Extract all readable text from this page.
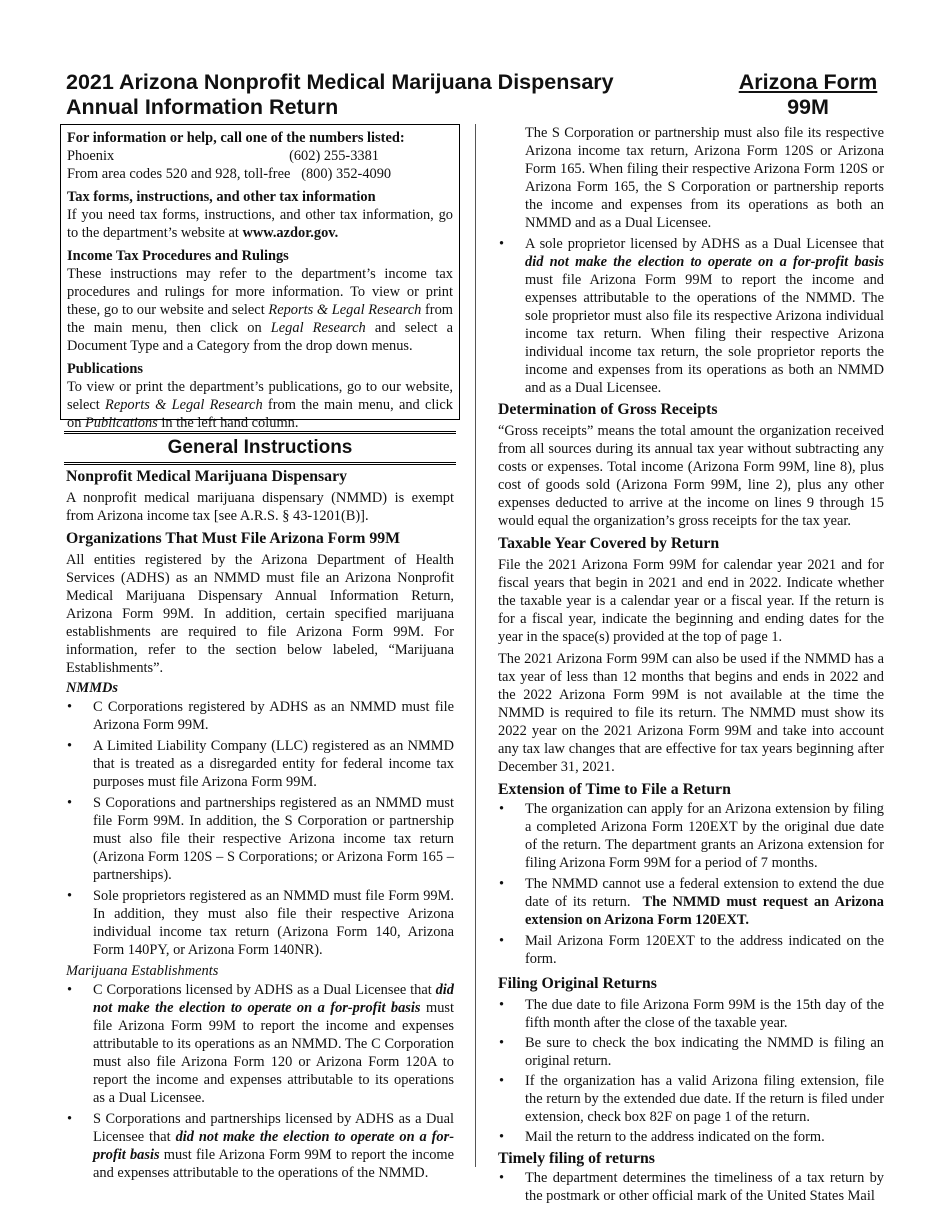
2021 Arizona Nonprofit Medical Marijuana Dispensary
Annual Information Return
Arizona Form
99M

For information or help, call one of the numbers listed:

Phoenix	(602) 255-3381

From area codes 520 and 928, toll-free (800) 352-4090

Tax forms, instructions, and other tax information

If you need tax forms, instructions, and other tax information, go to the department’s website at www.azdor.gov.

Income Tax Procedures and Rulings

These instructions may refer to the department’s income tax procedures and rulings for more information. To view or print these, go to our website and select Reports & Legal Research from the main menu, then click on Legal Research and select a Document Type and a Category from the drop down menus.

Publications

To view or print the department’s publications, go to our website, select Reports & Legal Research from the main menu, and click on Publications in the left hand column.

General Instructions
Nonprofit Medical Marijuana Dispensary

A nonprofit medical marijuana dispensary (NMMD) is exempt from Arizona income tax [see A.R.S. § 43-1201(B)].

Organizations That Must File Arizona Form 99M

All entities registered by the Arizona Department of Health Services (ADHS) as an NMMD must file an Arizona Nonprofit Medical Marijuana Dispensary Annual Information Return, Arizona Form 99M. In addition, certain specified marijuana establishments are required to file Arizona Form 99M. For information, refer to the section below labeled, “Marijuana Establishments”.

NMMDs
• C Corporations registered by ADHS as an NMMD must file Arizona Form 99M.
• A Limited Liability Company (LLC) registered as an NMMD that is treated as a disregarded entity for federal income tax purposes must file Arizona Form 99M.
• S Coporations and partnerships registered as an NMMD must file Form 99M. In addition, the S Corporation or partnership must also file their respective Arizona income tax return (Arizona Form 120S – S Corporations; or Arizona Form 165 – partnerships).
• Sole proprietors registered as an NMMD must file Form 99M. In addition, they must also file their respective Arizona individual income tax return (Arizona Form 140, Arizona Form 140PY, or Arizona Form 140NR).
Marijuana Establishments
• C Corporations licensed by ADHS as a Dual Licensee that did not make the election to operate on a for-profit basis must file Arizona Form 99M to report the income and expenses attributable to its operations as an NMMD. The C Corporation must also file Arizona Form 120 or Arizona Form 120A to report the income and expenses attributable to its operations as a Dual Licensee.
• S Corporations and partnerships licensed by ADHS as a Dual Licensee that did not make the election to operate on a for-profit basis must file Arizona Form 99M to report the income and expenses attributable to the operations of the NMMD.
The S Corporation or partnership must also file its respective Arizona income tax return, Arizona Form 120S or Arizona Form 165. When filing their respective Arizona Form 120S or Arizona Form 165, the S Corporation or partnership reports the income and expenses from its operations as both an NMMD and as a Dual Licensee.
• A sole proprietor licensed by ADHS as a Dual Licensee that did not make the election to operate on a for-profit basis must file Arizona Form 99M to report the income and expenses attributable to the operations of the NMMD. The sole proprietor must also file its respective Arizona individual income tax return. When filing their respective Arizona individual income tax return, the sole proprietor reports the income and expenses from its operations as both an NMMD and as a Dual Licensee.
Determination of Gross Receipts

“Gross receipts” means the total amount the organization received from all sources during its annual tax year without subtracting any costs or expenses. Total income (Arizona Form 99M, line 8), plus cost of goods sold (Arizona Form 99M, line 2), plus any other expenses deducted to arrive at the income on lines 9 through 15 would equal the organization’s gross receipts for the tax year.

Taxable Year Covered by Return

File the 2021 Arizona Form 99M for calendar year 2021 and for fiscal years that begin in 2021 and end in 2022. Indicate whether the taxable year is a calendar year or a fiscal year. If the return is for a fiscal year, indicate the beginning and ending dates for the year in the space(s) provided at the top of page 1.

The 2021 Arizona Form 99M can also be used if the NMMD has a tax year of less than 12 months that begins and ends in 2022 and the 2022 Arizona Form 99M is not available at the time the NMMD is required to file its return. The NMMD must show its 2022 year on the 2021 Arizona Form 99M and take into account any tax law changes that are effective for tax years beginning after December 31, 2021.

Extension of Time to File a Return
• The organization can apply for an Arizona extension by filing a completed Arizona Form 120EXT by the original due date of the return. The department grants an Arizona extension for filing Arizona Form 99M for a period of 7 months.
• The NMMD cannot use a federal extension to extend the due date of its return. The NMMD must request an Arizona extension on Arizona Form 120EXT.
• Mail Arizona Form 120EXT to the address indicated on the form.
Filing Original Returns
• The due date to file Arizona Form 99M is the 15th day of the fifth month after the close of the taxable year.
• Be sure to check the box indicating the NMMD is filing an original return.
• If the organization has a valid Arizona filing extension, file the return by the extended due date. If the return is filed under extension, check box 82F on page 1 of the return.
• Mail the return to the address indicated on the form.
Timely filing of returns
• The department determines the timeliness of a tax return by the postmark or other official mark of the United States Mail
